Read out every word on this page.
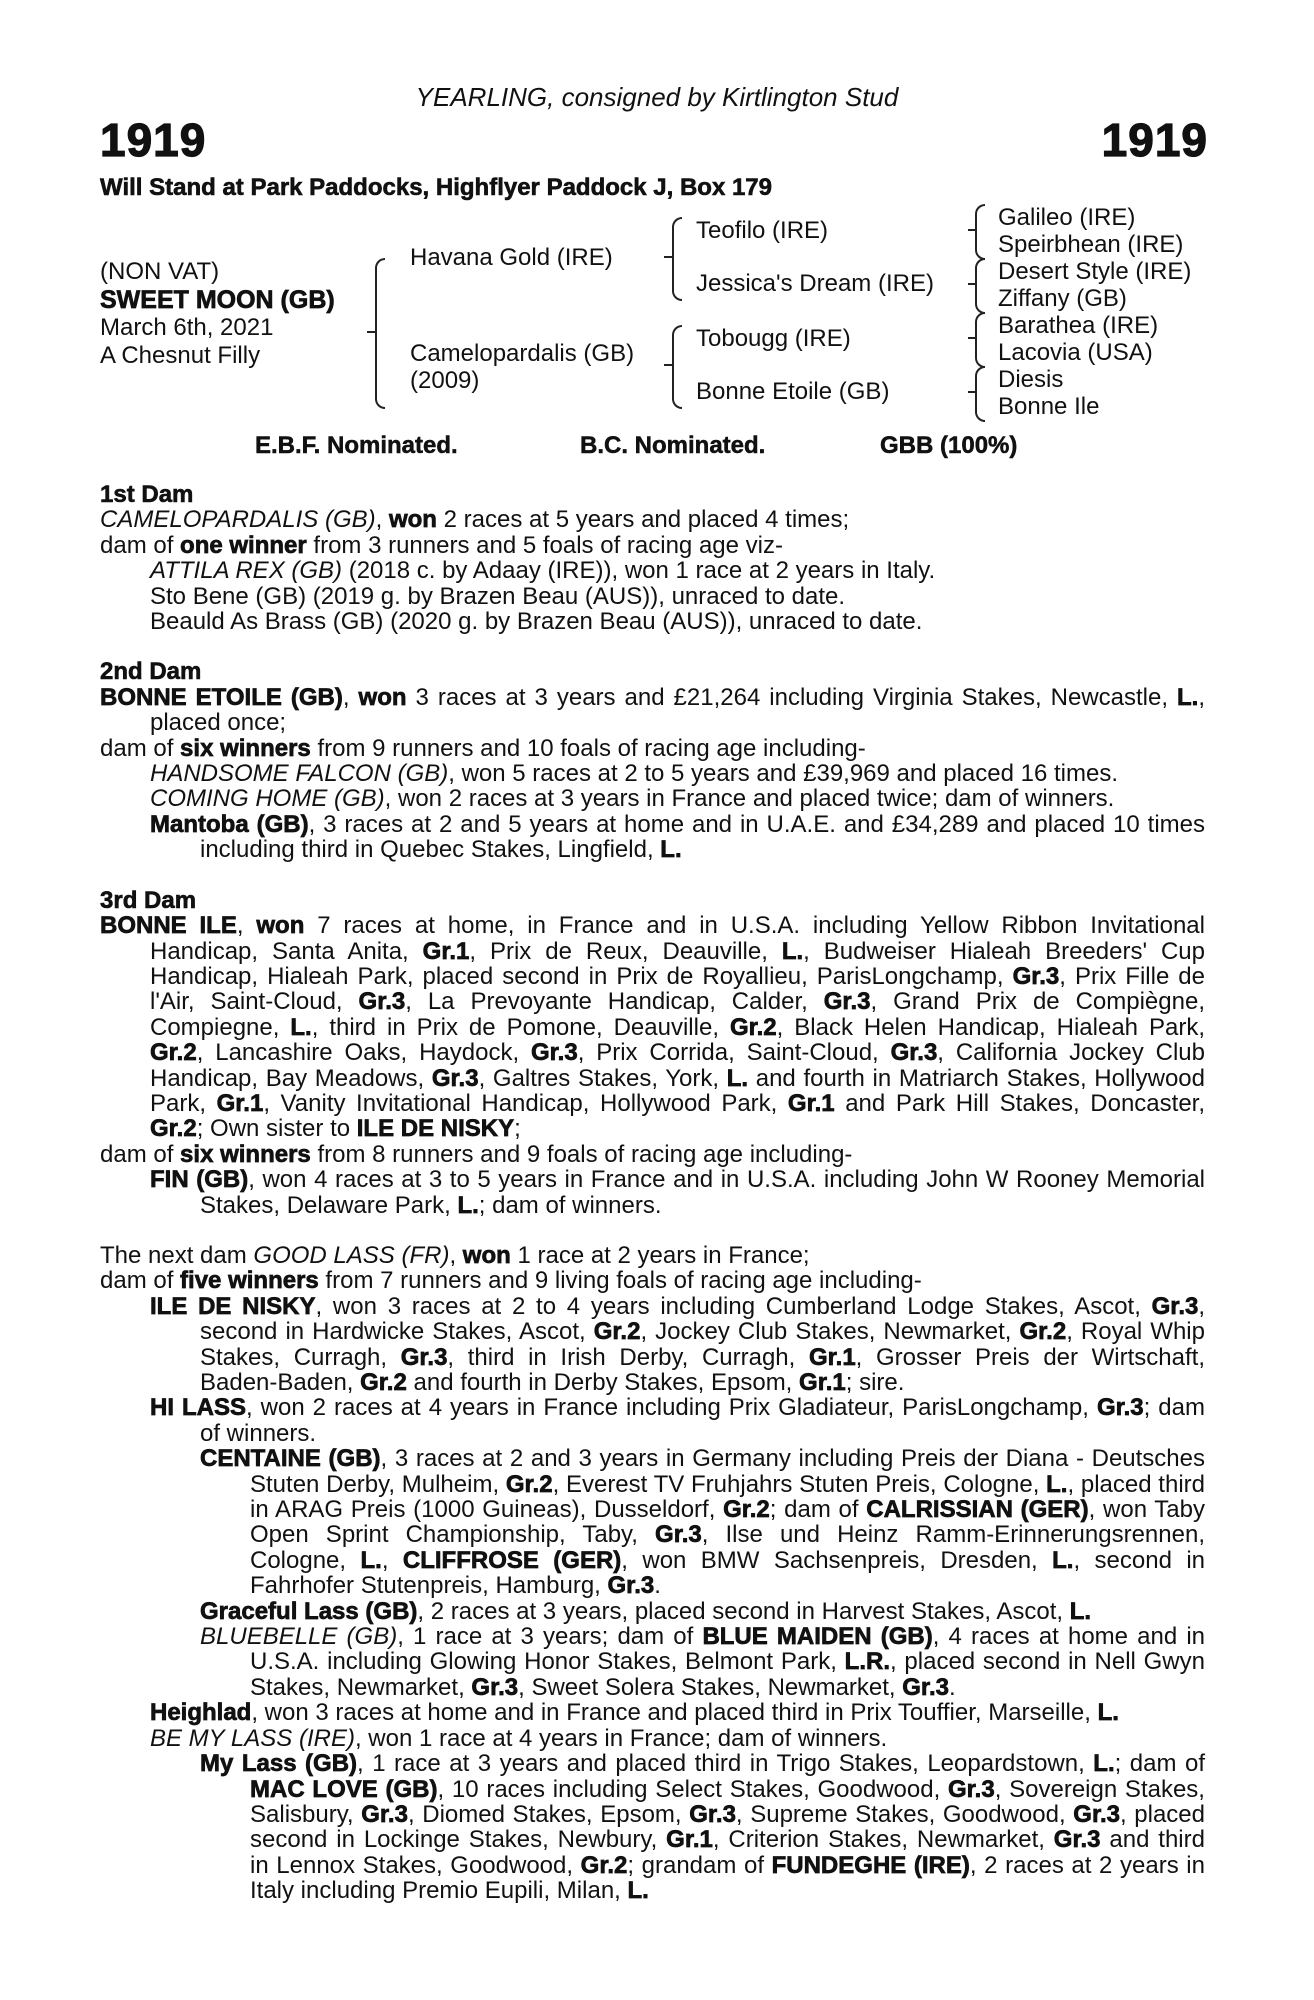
YEARLING, consigned by Kirtlington Stud
1919	1919
Will Stand at Park Paddocks, Highflyer Paddock J, Box 179
(NON VAT)
SWEET MOON (GB)
March 6th, 2021
A Chesnut Filly
Havana Gold (IRE)
Camelopardalis (GB)
(2009)
Teofilo (IRE)
Jessica's Dream (IRE)
Tobougg (IRE)
Bonne Etoile (GB)
Galileo (IRE)
Speirbhean (IRE)
Desert Style (IRE)
Ziffany (GB)
Barathea (IRE)
Lacovia (USA)
Diesis
Bonne Ile
E.B.F. Nominated.	B.C. Nominated.	GBB (100%)

1st Dam

CAMELOPARDALIS (GB), won 2 races at 5 years and placed 4 times;

dam of one winner from 3 runners and 5 foals of racing age viz-

ATTILA REX (GB) (2018 c. by Adaay (IRE)), won 1 race at 2 years in Italy.

Sto Bene (GB) (2019 g. by Brazen Beau (AUS)), unraced to date.

Beauld As Brass (GB) (2020 g. by Brazen Beau (AUS)), unraced to date.

2nd Dam

BONNE ETOILE (GB), won 3 races at 3 years and £21,264 including Virginia Stakes, Newcastle, L., placed once;

dam of six winners from 9 runners and 10 foals of racing age including-

HANDSOME FALCON (GB), won 5 races at 2 to 5 years and £39,969 and placed 16 times.

COMING HOME (GB), won 2 races at 3 years in France and placed twice; dam of winners.

Mantoba (GB), 3 races at 2 and 5 years at home and in U.A.E. and £34,289 and placed 10 times including third in Quebec Stakes, Lingfield, L.

3rd Dam

BONNE ILE, won 7 races at home, in France and in U.S.A. including Yellow Ribbon Invitational Handicap, Santa Anita, Gr.1, Prix de Reux, Deauville, L., Budweiser Hialeah Breeders' Cup Handicap, Hialeah Park, placed second in Prix de Royallieu, ParisLongchamp, Gr.3, Prix Fille de l'Air, Saint-Cloud, Gr.3, La Prevoyante Handicap, Calder, Gr.3, Grand Prix de Compiègne, Compiegne, L., third in Prix de Pomone, Deauville, Gr.2, Black Helen Handicap, Hialeah Park, Gr.2, Lancashire Oaks, Haydock, Gr.3, Prix Corrida, Saint-Cloud, Gr.3, California Jockey Club Handicap, Bay Meadows, Gr.3, Galtres Stakes, York, L. and fourth in Matriarch Stakes, Hollywood Park, Gr.1, Vanity Invitational Handicap, Hollywood Park, Gr.1 and Park Hill Stakes, Doncaster, Gr.2; Own sister to ILE DE NISKY;

dam of six winners from 8 runners and 9 foals of racing age including-

FIN (GB), won 4 races at 3 to 5 years in France and in U.S.A. including John W Rooney Memorial Stakes, Delaware Park, L.; dam of winners.

The next dam GOOD LASS (FR), won 1 race at 2 years in France;

dam of five winners from 7 runners and 9 living foals of racing age including-

ILE DE NISKY, won 3 races at 2 to 4 years including Cumberland Lodge Stakes, Ascot, Gr.3, second in Hardwicke Stakes, Ascot, Gr.2, Jockey Club Stakes, Newmarket, Gr.2, Royal Whip Stakes, Curragh, Gr.3, third in Irish Derby, Curragh, Gr.1, Grosser Preis der Wirtschaft, Baden-Baden, Gr.2 and fourth in Derby Stakes, Epsom, Gr.1; sire.

HI LASS, won 2 races at 4 years in France including Prix Gladiateur, ParisLongchamp, Gr.3; dam of winners.

CENTAINE (GB), 3 races at 2 and 3 years in Germany including Preis der Diana - Deutsches Stuten Derby, Mulheim, Gr.2, Everest TV Fruhjahrs Stuten Preis, Cologne, L., placed third in ARAG Preis (1000 Guineas), Dusseldorf, Gr.2; dam of CALRISSIAN (GER), won Taby Open Sprint Championship, Taby, Gr.3, Ilse und Heinz Ramm-Erinnerungsrennen, Cologne, L., CLIFFROSE (GER), won BMW Sachsenpreis, Dresden, L., second in Fahrhofer Stutenpreis, Hamburg, Gr.3.

Graceful Lass (GB), 2 races at 3 years, placed second in Harvest Stakes, Ascot, L.

BLUEBELLE (GB), 1 race at 3 years; dam of BLUE MAIDEN (GB), 4 races at home and in U.S.A. including Glowing Honor Stakes, Belmont Park, L.R., placed second in Nell Gwyn Stakes, Newmarket, Gr.3, Sweet Solera Stakes, Newmarket, Gr.3.

Heighlad, won 3 races at home and in France and placed third in Prix Touffier, Marseille, L.

BE MY LASS (IRE), won 1 race at 4 years in France; dam of winners.

My Lass (GB), 1 race at 3 years and placed third in Trigo Stakes, Leopardstown, L.; dam of MAC LOVE (GB), 10 races including Select Stakes, Goodwood, Gr.3, Sovereign Stakes, Salisbury, Gr.3, Diomed Stakes, Epsom, Gr.3, Supreme Stakes, Goodwood, Gr.3, placed second in Lockinge Stakes, Newbury, Gr.1, Criterion Stakes, Newmarket, Gr.3 and third in Lennox Stakes, Goodwood, Gr.2; grandam of FUNDEGHE (IRE), 2 races at 2 years in Italy including Premio Eupili, Milan, L.
